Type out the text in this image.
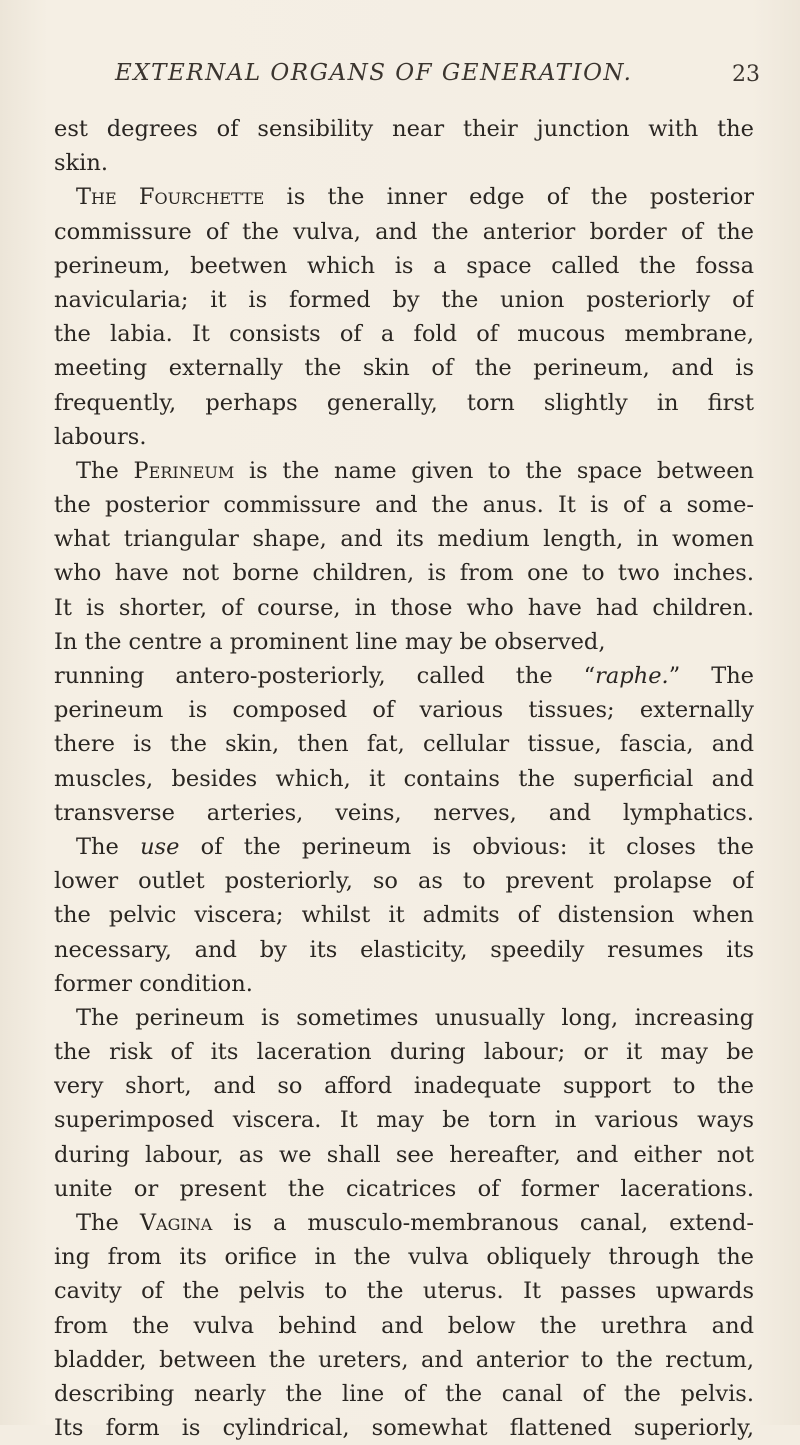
EXTERNAL ORGANS OF GENERATION.	23
est degrees of sensibility near their junction with the
skin.
The Fourchette is the inner edge of the posterior
commissure of the vulva, and the anterior border of the
perineum, beetwen which is a space called the fossa
navicularia; it is formed by the union posteriorly of
the labia. It consists of a fold of mucous membrane,
meeting externally the skin of the perineum, and is
frequently, perhaps generally, torn slightly in first
labours.
The Perineum is the name given to the space between
the posterior commissure and the anus. It is of a some-
what triangular shape, and its medium length, in women
who have not borne children, is from one to two inches.
It is shorter, of course, in those who have had children.
In the centre a prominent line may be observed,
running antero-posteriorly, called the “raphe.” The
perineum is composed of various tissues; externally
there is the skin, then fat, cellular tissue, fascia, and
muscles, besides which, it contains the superficial and
transverse arteries, veins, nerves, and lymphatics.
The use of the perineum is obvious: it closes the
lower outlet posteriorly, so as to prevent prolapse of
the pelvic viscera; whilst it admits of distension when
necessary, and by its elasticity, speedily resumes its
former condition.
The perineum is sometimes unusually long, increasing
the risk of its laceration during labour; or it may be
very short, and so afford inadequate support to the
superimposed viscera. It may be torn in various ways
during labour, as we shall see hereafter, and either not
unite or present the cicatrices of former lacerations.
The Vagina is a musculo-membranous canal, extend-
ing from its orifice in the vulva obliquely through the
cavity of the pelvis to the uterus. It passes upwards
from the vulva behind and below the urethra and
bladder, between the ureters, and anterior to the rectum,
describing nearly the line of the canal of the pelvis.
Its form is cylindrical, somewhat flattened superiorly,
